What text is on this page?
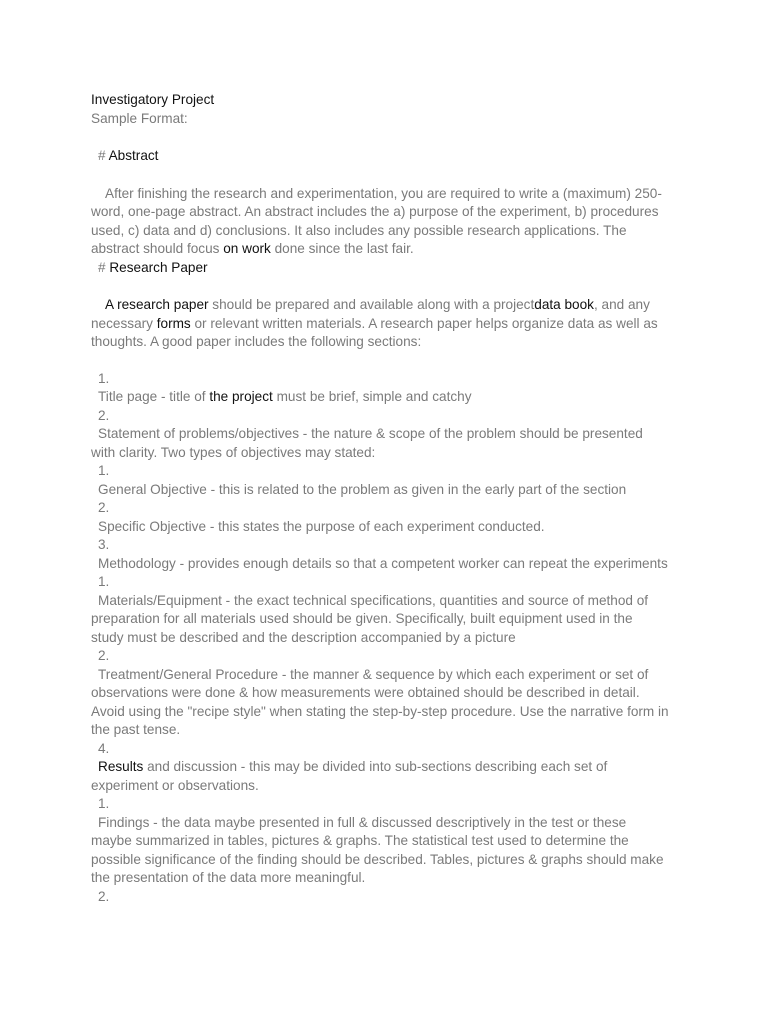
Investigatory Project
Sample Format:
# Abstract
After finishing the research and experimentation, you are required to write a (maximum) 250-
word, one-page abstract. An abstract includes the a) purpose of the experiment, b) procedures
used, c) data and d) conclusions. It also includes any possible research applications. The
abstract should focus on work done since the last fair.
# Research Paper
A research paper should be prepared and available along with a projectdata book, and any
necessary forms or relevant written materials. A research paper helps organize data as well as
thoughts. A good paper includes the following sections:
1.
Title page - title of the project must be brief, simple and catchy
2.
Statement of problems/objectives - the nature & scope of the problem should be presented
with clarity. Two types of objectives may stated:
1.
General Objective - this is related to the problem as given in the early part of the section
2.
Specific Objective - this states the purpose of each experiment conducted.
3.
Methodology - provides enough details so that a competent worker can repeat the experiments
1.
Materials/Equipment - the exact technical specifications, quantities and source of method of
preparation for all materials used should be given. Specifically, built equipment used in the
study must be described and the description accompanied by a picture
2.
Treatment/General Procedure - the manner & sequence by which each experiment or set of
observations were done & how measurements were obtained should be described in detail.
Avoid using the "recipe style" when stating the step-by-step procedure. Use the narrative form in
the past tense.
4.
Results and discussion - this may be divided into sub-sections describing each set of
experiment or observations.
1.
Findings - the data maybe presented in full & discussed descriptively in the test or these
maybe summarized in tables, pictures & graphs. The statistical test used to determine the
possible significance of the finding should be described. Tables, pictures & graphs should make
the presentation of the data more meaningful.
2.
